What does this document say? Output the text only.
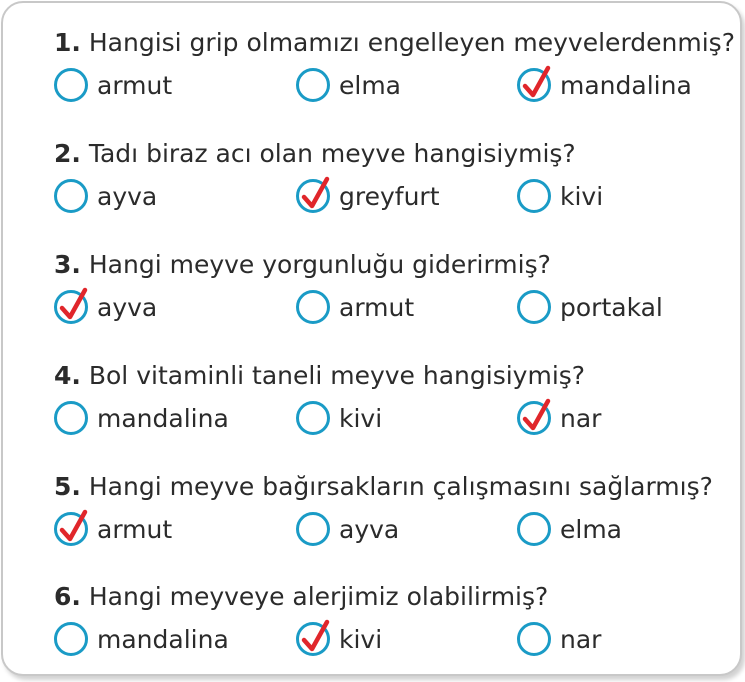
1. Hangisi grip olmamızı engelleyen meyvelerdenmiş?
armut	elma	mandalina
2. Tadı biraz acı olan meyve hangisiymiş?
ayva	greyfurt	kivi
3. Hangi meyve yorgunluğu giderirmiş?
ayva	armut	portakal
4. Bol vitaminli taneli meyve hangisiymiş?
mandalina	kivi	nar
5. Hangi meyve bağırsakların çalışmasını sağlarmış?
armut	ayva	elma
6. Hangi meyveye alerjimiz olabilirmiş?
mandalina	kivi	nar
